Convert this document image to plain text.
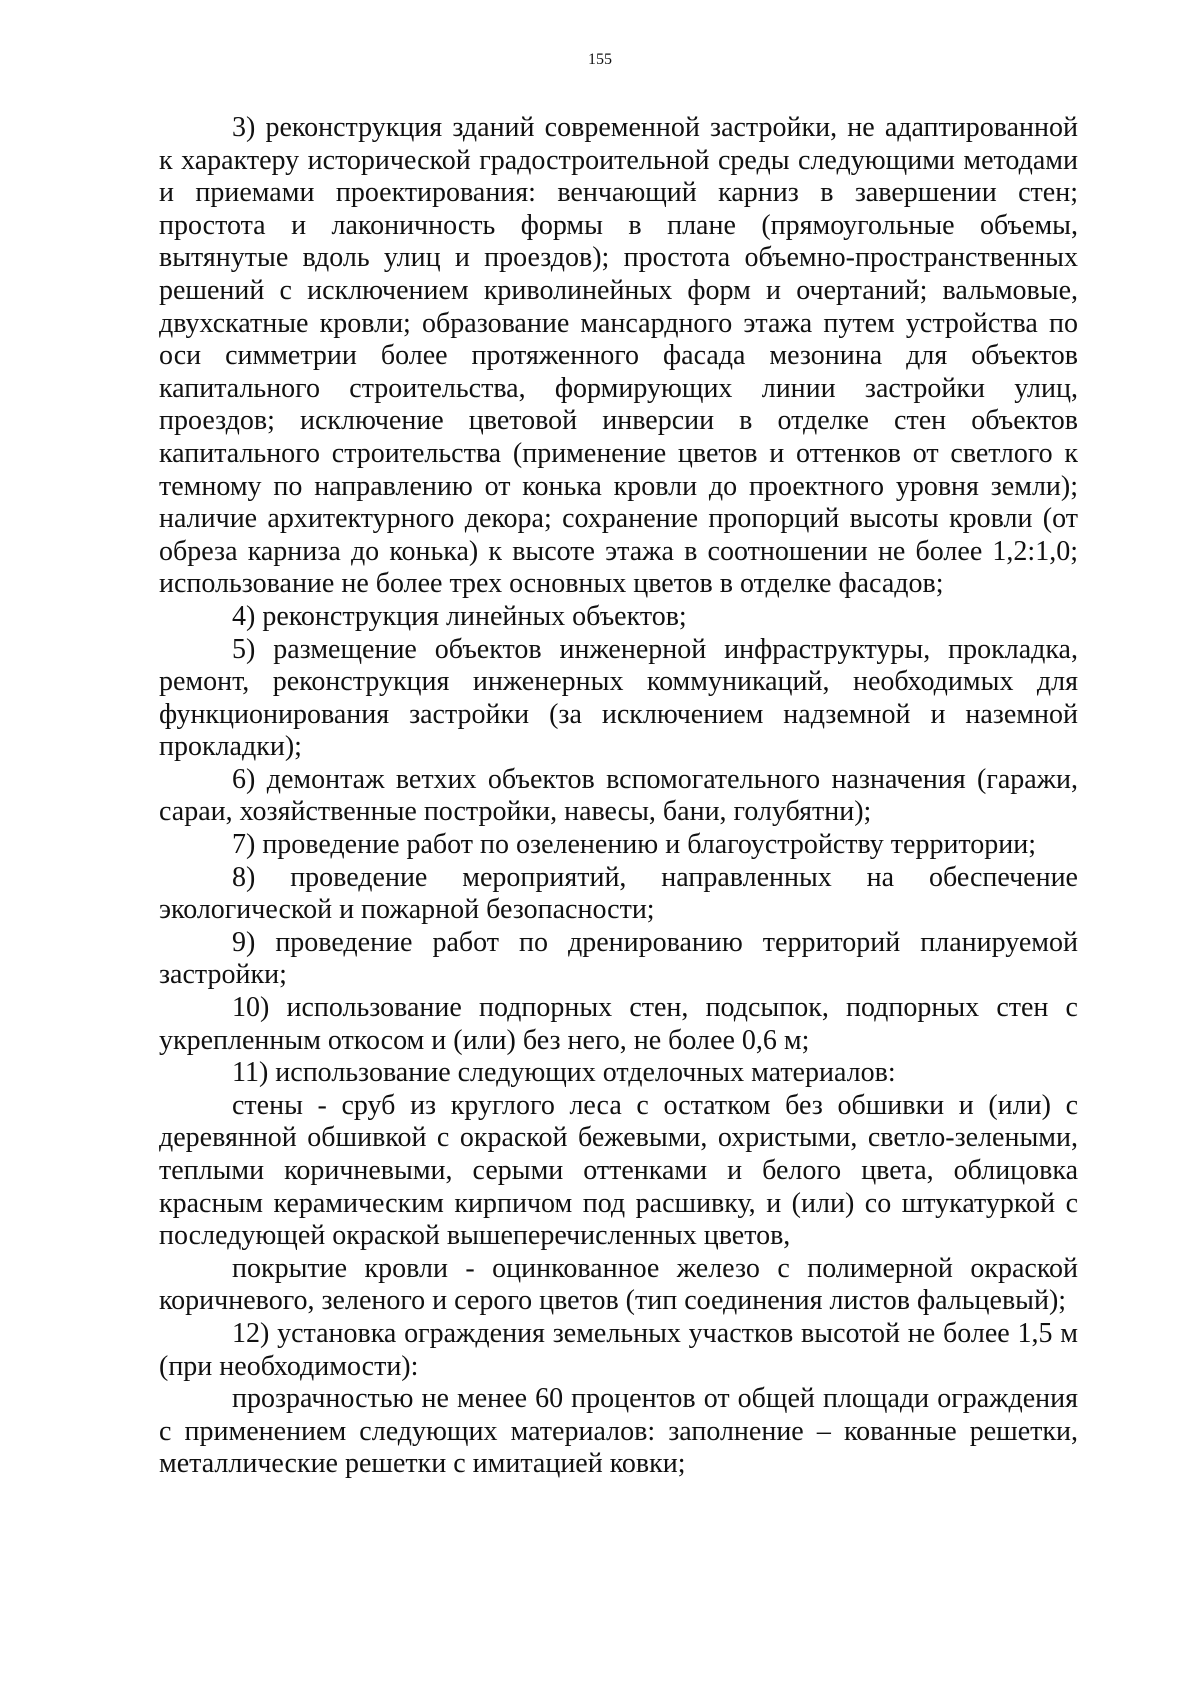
155

3) реконструкция зданий современной застройки, не адаптированной к характеру исторической градостроительной среды следующими методами и приемами проектирования: венчающий карниз в завершении стен; простота и лаконичность формы в плане (прямоугольные объемы, вытянутые вдоль улиц и проездов); простота объемно-пространственных решений с исключением криволинейных форм и очертаний; вальмовые, двухскатные кровли; образование мансардного этажа путем устройства по оси симметрии более протяженного фасада мезонина для объектов капитального строительства, формирующих линии застройки улиц, проездов; исключение цветовой инверсии в отделке стен объектов капитального строительства (применение цветов и оттенков от светлого к темному по направлению от конька кровли до проектного уровня земли); наличие архитектурного декора; сохранение пропорций высоты кровли (от обреза карниза до конька) к высоте этажа в соотношении не более 1,2:1,0; использование не более трех основных цветов в отделке фасадов;

4) реконструкция линейных объектов;

5) размещение объектов инженерной инфраструктуры, прокладка, ремонт, реконструкция инженерных коммуникаций, необходимых для функционирования застройки (за исключением надземной и наземной прокладки);

6) демонтаж ветхих объектов вспомогательного назначения (гаражи, сараи, хозяйственные постройки, навесы, бани, голубятни);

7) проведение работ по озеленению и благоустройству территории;

8) проведение мероприятий, направленных на обеспечение экологической и пожарной безопасности;

9) проведение работ по дренированию территорий планируемой застройки;

10) использование подпорных стен, подсыпок, подпорных стен с укрепленным откосом и (или) без него, не более 0,6 м;

11) использование следующих отделочных материалов:

стены - сруб из круглого леса с остатком без обшивки и (или) с деревянной обшивкой с окраской бежевыми, охристыми, светло-зелеными, теплыми коричневыми, серыми оттенками и белого цвета, облицовка красным керамическим кирпичом под расшивку, и (или) со штукатуркой с последующей окраской вышеперечисленных цветов,

покрытие кровли - оцинкованное железо с полимерной окраской коричневого, зеленого и серого цветов (тип соединения листов фальцевый);

12) установка ограждения земельных участков высотой не более 1,5 м (при необходимости):

прозрачностью не менее 60 процентов от общей площади ограждения с применением следующих материалов: заполнение – кованные решетки, металлические решетки с имитацией ковки;
